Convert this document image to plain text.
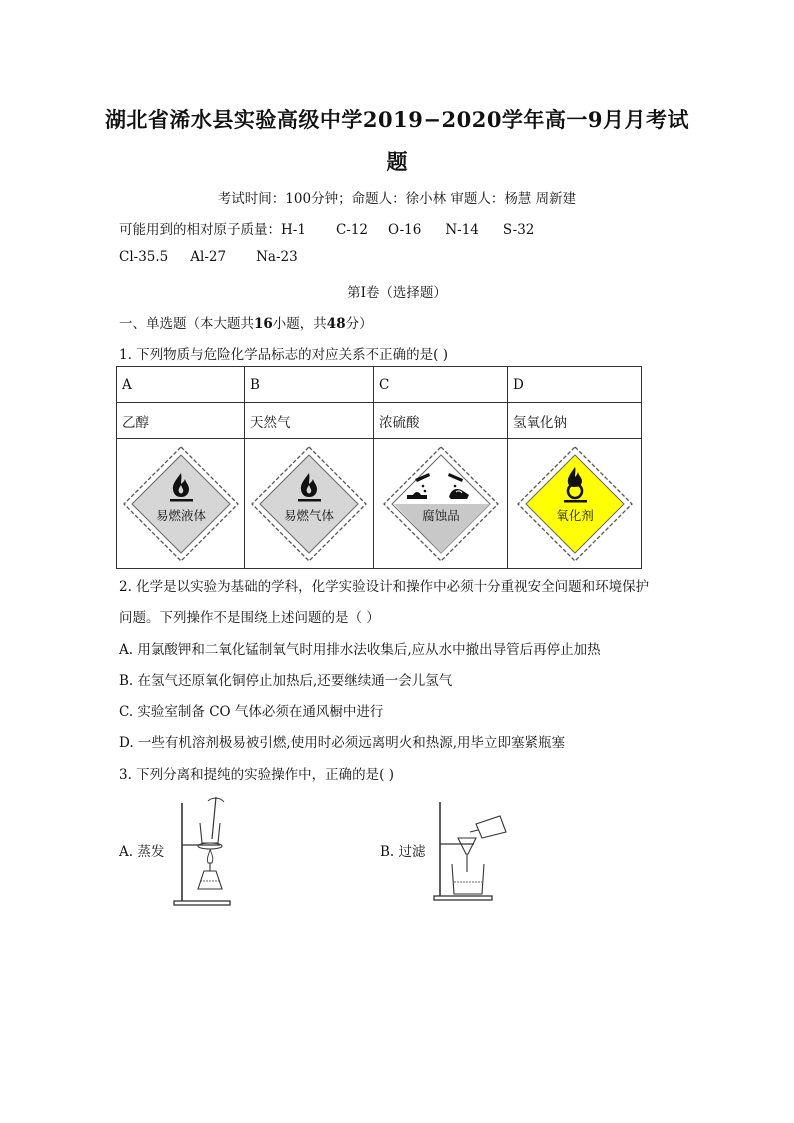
湖北省浠水县实验高级中学2019−2020学年高一9月月考试
题
考试时间：100分钟；命题人：徐小林 审题人：杨慧 周新建
可能用到的相对原子质量：H-1 C-12 O-16 N-14 S-32
Cl-35.5 Al-27 Na-23
第Ⅰ卷（选择题）
一、单选题（本大题共16小题，共48分）
1. 下列物质与危险化学品标志的对应关系不正确的是( )
A	B	C	D
乙醇	天然气	浓硫酸	氢氧化钠

易燃液体	易燃气体	腐蚀品	氧化剂
2. 化学是以实验为基础的学科，化学实验设计和操作中必须十分重视安全问题和环境保护
问题。下列操作不是围绕上述问题的是（ ）
A. 用氯酸钾和二氧化锰制氧气时用排水法收集后,应从水中撤出导管后再停止加热
B. 在氢气还原氧化铜停止加热后,还要继续通一会儿氢气
C. 实验室制备 CO 气体必须在通风橱中进行
D. 一些有机溶剂极易被引燃,使用时必须远离明火和热源,用毕立即塞紧瓶塞
3. 下列分离和提纯的实验操作中，正确的是( )
A. 蒸发	B. 过滤
